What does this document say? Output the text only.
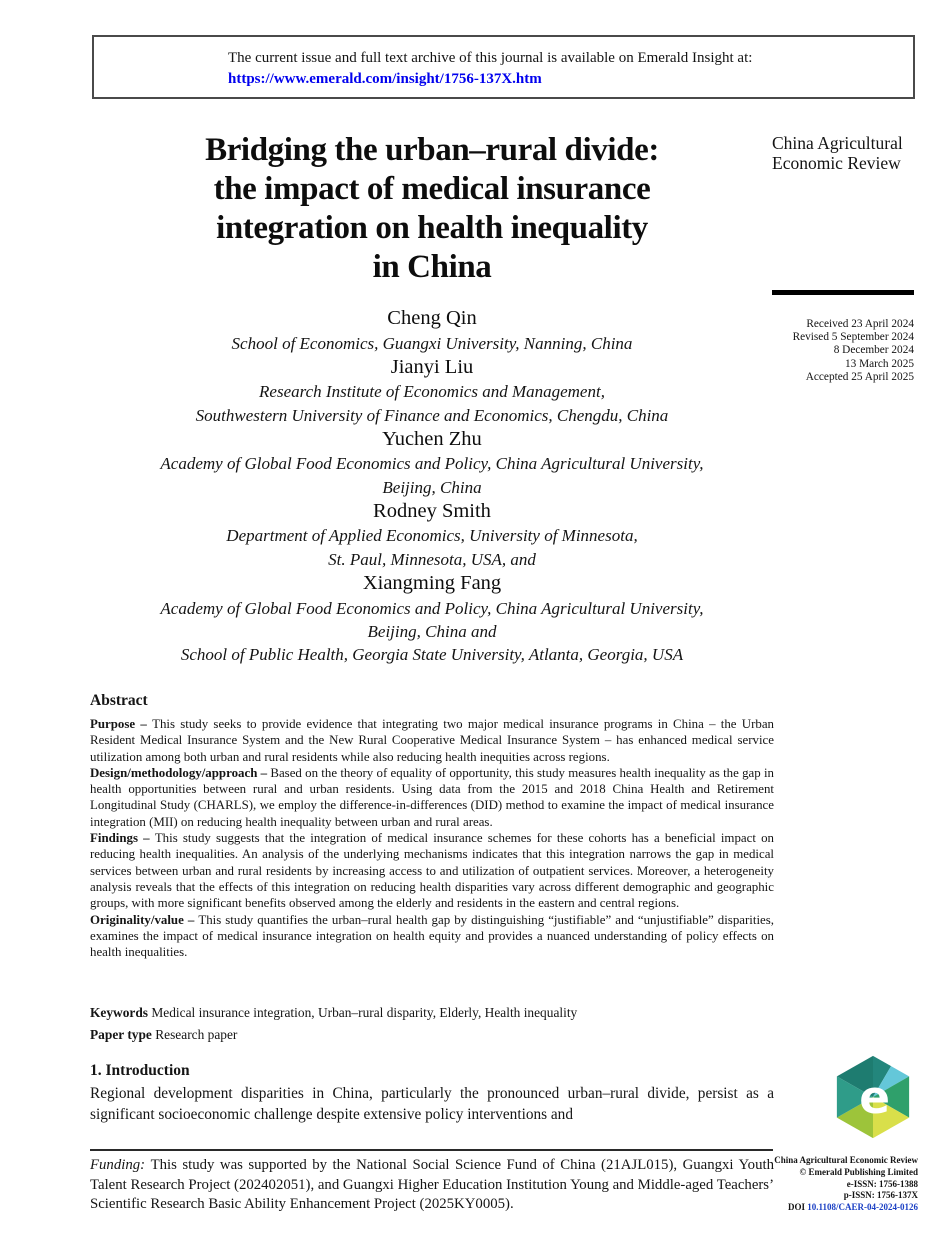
The current issue and full text archive of this journal is available on Emerald Insight at:
https://www.emerald.com/insight/1756-137X.htm
Bridging the urban–rural divide:
the impact of medical insurance
integration on health inequality
in China
China Agricultural
Economic Review
Received 23 April 2024
Revised 5 September 2024
8 December 2024
13 March 2025
Accepted 25 April 2025
Cheng Qin
School of Economics, Guangxi University, Nanning, China
Jianyi Liu
Research Institute of Economics and Management,
Southwestern University of Finance and Economics, Chengdu, China
Yuchen Zhu
Academy of Global Food Economics and Policy, China Agricultural University,
Beijing, China
Rodney Smith
Department of Applied Economics, University of Minnesota,
St. Paul, Minnesota, USA, and
Xiangming Fang
Academy of Global Food Economics and Policy, China Agricultural University,
Beijing, China and
School of Public Health, Georgia State University, Atlanta, Georgia, USA
Abstract

Purpose – This study seeks to provide evidence that integrating two major medical insurance programs in China – the Urban Resident Medical Insurance System and the New Rural Cooperative Medical Insurance System – has enhanced medical service utilization among both urban and rural residents while also reducing health inequities across regions.

Design/methodology/approach – Based on the theory of equality of opportunity, this study measures health inequality as the gap in health opportunities between rural and urban residents. Using data from the 2015 and 2018 China Health and Retirement Longitudinal Study (CHARLS), we employ the difference-in-differences (DID) method to examine the impact of medical insurance integration (MII) on reducing health inequality between urban and rural areas.

Findings – This study suggests that the integration of medical insurance schemes for these cohorts has a beneficial impact on reducing health inequalities. An analysis of the underlying mechanisms indicates that this integration narrows the gap in medical services between urban and rural residents by increasing access to and utilization of outpatient services. Moreover, a heterogeneity analysis reveals that the effects of this integration on reducing health disparities vary across different demographic and geographic groups, with more significant benefits observed among the elderly and residents in the eastern and central regions.

Originality/value – This study quantifies the urban–rural health gap by distinguishing “justifiable” and “unjustifiable” disparities, examines the impact of medical insurance integration on health equity and provides a nuanced understanding of policy effects on health inequalities.

Keywords Medical insurance integration, Urban–rural disparity, Elderly, Health inequality
Paper type Research paper
1. Introduction
Regional development disparities in China, particularly the pronounced urban–rural divide, persist as a significant socioeconomic challenge despite extensive policy interventions and
Funding: This study was supported by the National Social Science Fund of China (21AJL015), Guangxi Youth Talent Research Project (202402051), and Guangxi Higher Education Institution Young and Middle-aged Teachers’ Scientific Research Basic Ability Enhancement Project (2025KY0005).
e
China Agricultural Economic Review
© Emerald Publishing Limited
e-ISSN: 1756-1388
p-ISSN: 1756-137X
DOI 10.1108/CAER-04-2024-0126
